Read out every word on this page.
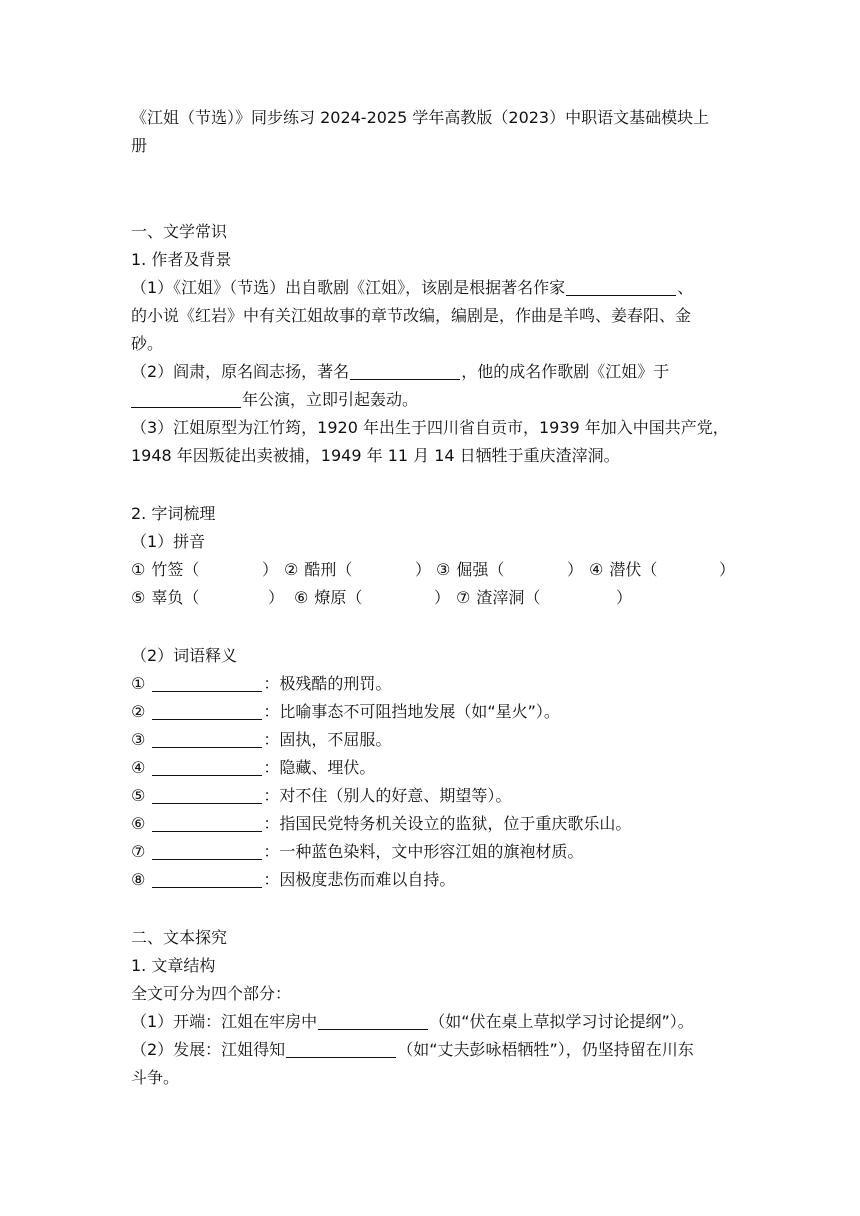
《江姐（节选）》同步练习 2024-2025 学年高教版（2023）中职语文基础模块上
册
一、文学常识
1. 作者及背景
（1）《江姐》（节选）出自歌剧《江姐》，该剧是根据著名作家	、
的小说《红岩》中有关江姐故事的章节改编，编剧是，作曲是羊鸣、姜春阳、金
砂。
（2）阎肃，原名阎志扬，著名	，他的成名作歌剧《江姐》于
年公演，立即引起轰动。
（3）江姐原型为江竹筠，1920 年出生于四川省自贡市，1939 年加入中国共产党，
1948 年因叛徒出卖被捕，1949 年 11 月 14 日牺牲于重庆渣滓洞。
2. 字词梳理
（1）拼音
① 竹签（	） ② 酷刑（	） ③ 倔强（	） ④ 潜伏（	）
⑤ 辜负（	） ⑥ 燎原（	） ⑦ 渣滓洞（	）
（2）词语释义
①	：极残酷的刑罚。
②	：比喻事态不可阻挡地发展（如“星火”）。
③	：固执，不屈服。
④	：隐藏、埋伏。
⑤	：对不住（别人的好意、期望等）。
⑥	：指国民党特务机关设立的监狱，位于重庆歌乐山。
⑦	：一种蓝色染料，文中形容江姐的旗袍材质。
⑧	：因极度悲伤而难以自持。
二、文本探究
1. 文章结构
全文可分为四个部分：
（1）开端：江姐在牢房中	（如“伏在桌上草拟学习讨论提纲”）。
（2）发展：江姐得知	（如“丈夫彭咏梧牺牲”），仍坚持留在川东
斗争。
